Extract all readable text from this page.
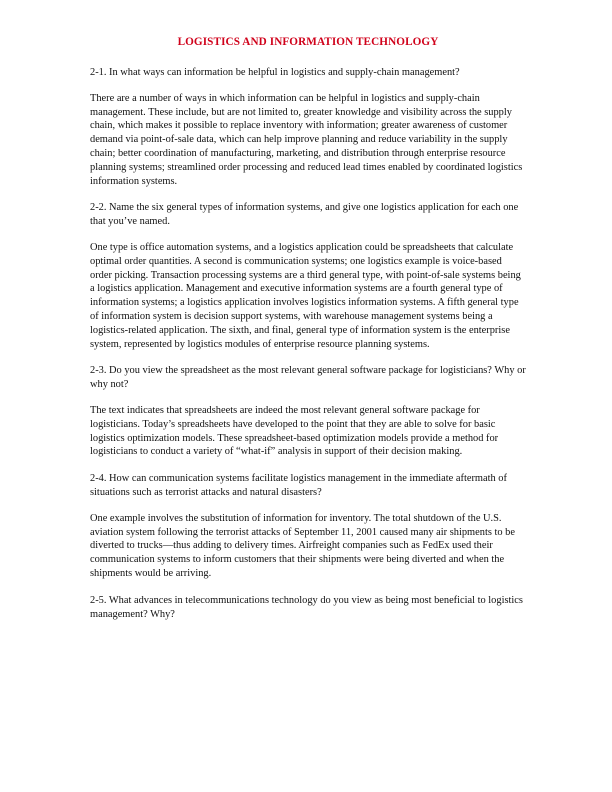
LOGISTICS AND INFORMATION TECHNOLOGY

2-1. In what ways can information be helpful in logistics and supply-chain management?

There are a number of ways in which information can be helpful in logistics and supply-chain management. These include, but are not limited to, greater knowledge and visibility across the supply chain, which makes it possible to replace inventory with information; greater awareness of customer demand via point-of-sale data, which can help improve planning and reduce variability in the supply chain; better coordination of manufacturing, marketing, and distribution through enterprise resource planning systems; streamlined order processing and reduced lead times enabled by coordinated logistics information systems.

2-2. Name the six general types of information systems, and give one logistics application for each one that you’ve named.

One type is office automation systems, and a logistics application could be spreadsheets that calculate optimal order quantities. A second is communication systems; one logistics example is voice-based order picking. Transaction processing systems are a third general type, with point-of-sale systems being a logistics application. Management and executive information systems are a fourth general type of information systems; a logistics application involves logistics information systems. A fifth general type of information system is decision support systems, with warehouse management systems being a logistics-related application. The sixth, and final, general type of information system is the enterprise system, represented by logistics modules of enterprise resource planning systems.

2-3. Do you view the spreadsheet as the most relevant general software package for logisticians? Why or why not?

The text indicates that spreadsheets are indeed the most relevant general software package for logisticians. Today’s spreadsheets have developed to the point that they are able to solve for basic logistics optimization models. These spreadsheet-based optimization models provide a method for logisticians to conduct a variety of “what-if” analysis in support of their decision making.

2-4. How can communication systems facilitate logistics management in the immediate aftermath of situations such as terrorist attacks and natural disasters?

One example involves the substitution of information for inventory. The total shutdown of the U.S. aviation system following the terrorist attacks of September 11, 2001 caused many air shipments to be diverted to trucks—thus adding to delivery times. Airfreight companies such as FedEx used their communication systems to inform customers that their shipments were being diverted and when the shipments would be arriving.

2-5. What advances in telecommunications technology do you view as being most beneficial to logistics management? Why?
